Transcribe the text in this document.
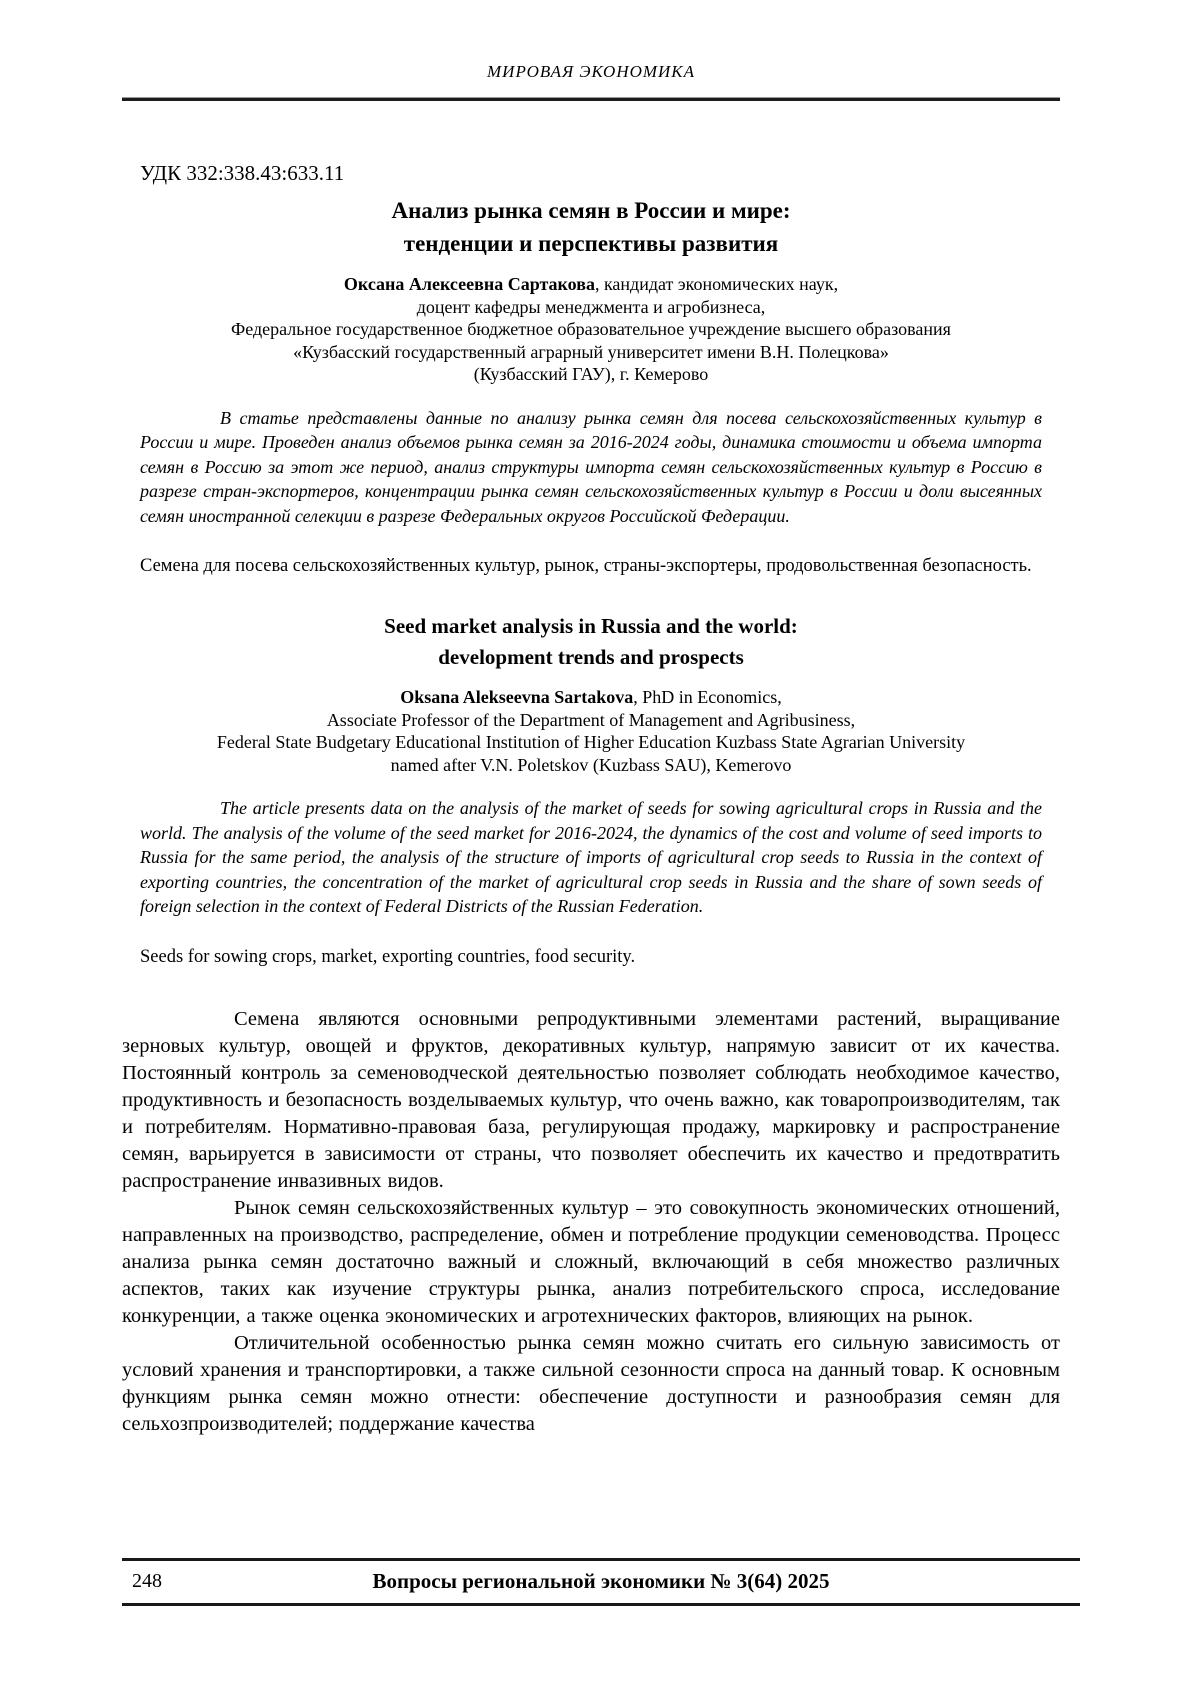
МИРОВАЯ ЭКОНОМИКА
УДК 332:338.43:633.11
Анализ рынка семян в России и мире:
тенденции и перспективы развития
Оксана Алексеевна Сартакова, кандидат экономических наук,
доцент кафедры менеджмента и агробизнеса,
Федеральное государственное бюджетное образовательное учреждение высшего образования
«Кузбасский государственный аграрный университет имени В.Н. Полецкова»
(Кузбасский ГАУ), г. Кемерово

В статье представлены данные по анализу рынка семян для посева сельскохозяйственных культур в России и мире. Проведен анализ объемов рынка семян за 2016-2024 годы, динамика стоимости и объема импорта семян в Россию за этот же период, анализ структуры импорта семян сельскохозяйственных культур в Россию в разрезе стран-экспортеров, концентрации рынка семян сельскохозяйственных культур в России и доли высеянных семян иностранной селекции в разрезе Федеральных округов Российской Федерации.

Семена для посева сельскохозяйственных культур, рынок, страны-экспортеры, продовольственная безопасность.

Seed market analysis in Russia and the world:
development trends and prospects
Oksana Alekseevna Sartakova, PhD in Economics,
Associate Professor of the Department of Management and Agribusiness,
Federal State Budgetary Educational Institution of Higher Education Kuzbass State Agrarian University
named after V.N. Poletskov (Kuzbass SAU), Kemerovo

The article presents data on the analysis of the market of seeds for sowing agricultural crops in Russia and the world. The analysis of the volume of the seed market for 2016-2024, the dynamics of the cost and volume of seed imports to Russia for the same period, the analysis of the structure of imports of agricultural crop seeds to Russia in the context of exporting countries, the concentration of the market of agricultural crop seeds in Russia and the share of sown seeds of foreign selection in the context of Federal Districts of the Russian Federation.

Seeds for sowing crops, market, exporting countries, food security.

Семена являются основными репродуктивными элементами растений, выращивание зерновых культур, овощей и фруктов, декоративных культур, напрямую зависит от их качества. Постоянный контроль за семеноводческой деятельностью позволяет соблюдать необходимое качество, продуктивность и безопасность возделываемых культур, что очень важно, как товаропроизводителям, так и потребителям. Нормативно-правовая база, регулирующая продажу, маркировку и распространение семян, варьируется в зависимости от страны, что позволяет обеспечить их качество и предотвратить распространение инвазивных видов.

Рынок семян сельскохозяйственных культур – это совокупность экономических отношений, направленных на производство, распределение, обмен и потребление продукции семеноводства. Процесс анализа рынка семян достаточно важный и сложный, включающий в себя множество различных аспектов, таких как изучение структуры рынка, анализ потребительского спроса, исследование конкуренции, а также оценка экономических и агротехнических факторов, влияющих на рынок.

Отличительной особенностью рынка семян можно считать его сильную зависимость от условий хранения и транспортировки, а также сильной сезонности спроса на данный товар. К основным функциям рынка семян можно отнести: обеспечение доступности и разнообразия семян для сельхозпроизводителей; поддержание качества

248	Вопросы региональной экономики № 3(64) 2025
